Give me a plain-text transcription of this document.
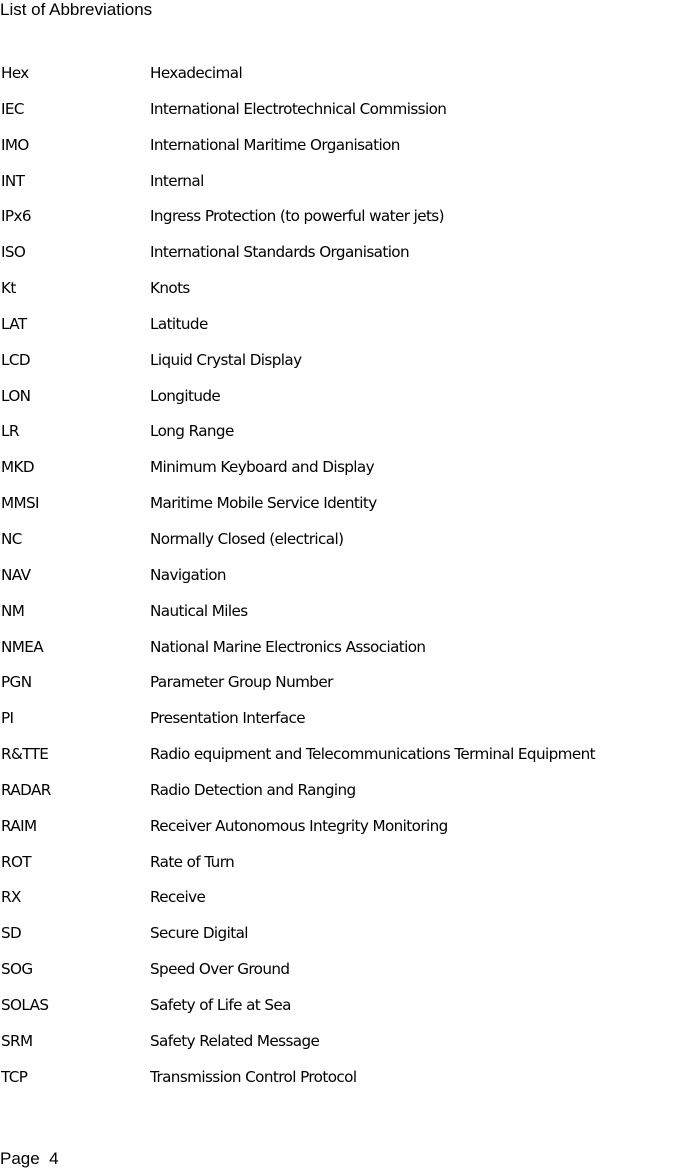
List of Abbreviations
Hex	Hexadecimal
IEC	International Electrotechnical Commission
IMO	International Maritime Organisation
INT	Internal
IPx6	Ingress Protection (to powerful water jets)
ISO	International Standards Organisation
Kt	Knots
LAT	Latitude
LCD	Liquid Crystal Display
LON	Longitude
LR	Long Range
MKD	Minimum Keyboard and Display
MMSI	Maritime Mobile Service Identity
NC	Normally Closed (electrical)
NAV	Navigation
NM	Nautical Miles
NMEA	National Marine Electronics Association
PGN	Parameter Group Number
PI	Presentation Interface
R&TTE	Radio equipment and Telecommunications Terminal Equipment
RADAR	Radio Detection and Ranging
RAIM	Receiver Autonomous Integrity Monitoring
ROT	Rate of Turn
RX	Receive
SD	Secure Digital
SOG	Speed Over Ground
SOLAS	Safety of Life at Sea
SRM	Safety Related Message
TCP	Transmission Control Protocol
Page  4
